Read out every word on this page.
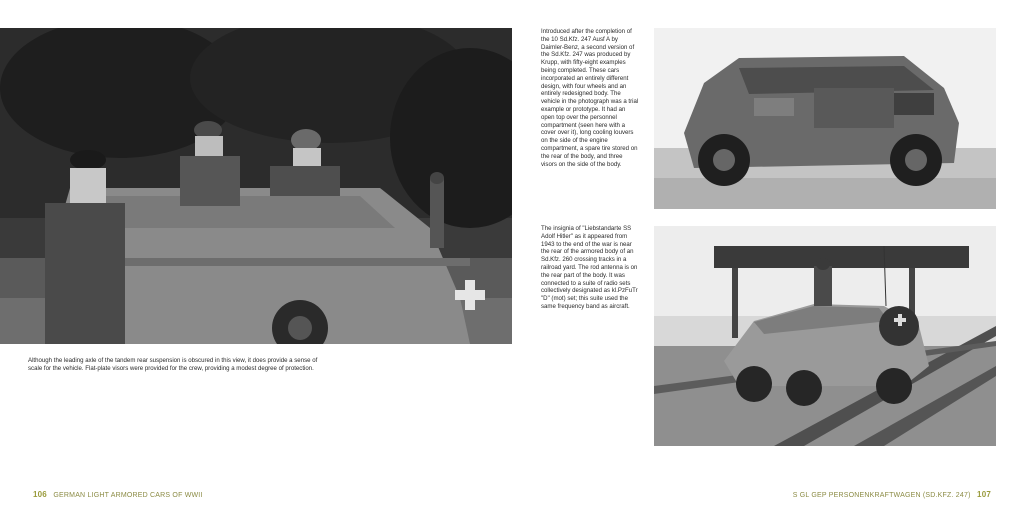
Although the leading axle of the tandem rear suspension is obscured in this view, it does provide a sense of scale for the vehicle. Flat-plate visors were provided for the crew, providing a modest degree of protection.

Introduced after the completion of the 10 Sd.Kfz. 247 Ausf A by Daimler-Benz, a second version of the Sd.Kfz. 247 was produced by Krupp, with fifty-eight examples being completed. These cars incorporated an entirely different design, with four wheels and an entirely redesigned body. The vehicle in the photograph was a trial example or prototype. It had an open top over the personnel compartment (seen here with a cover over it), long cooling louvers on the side of the engine compartment, a spare tire stored on the rear of the body, and three visors on the side of the body.

The insignia of "Liebstandarte SS Adolf Hitler" as it appeared from 1943 to the end of the war is near the rear of the armored body of an Sd.Kfz. 260 crossing tracks in a railroad yard. The rod antenna is on the rear part of the body. It was connected to a suite of radio sets collectively designated as kl.PzFuTr "D" (mot) set; this suite used the same frequency band as aircraft.

106 GERMAN LIGHT ARMORED CARS OF WWII	S GL GEP PERSONENKRAFTWAGEN (SD.KFZ. 247) 107
